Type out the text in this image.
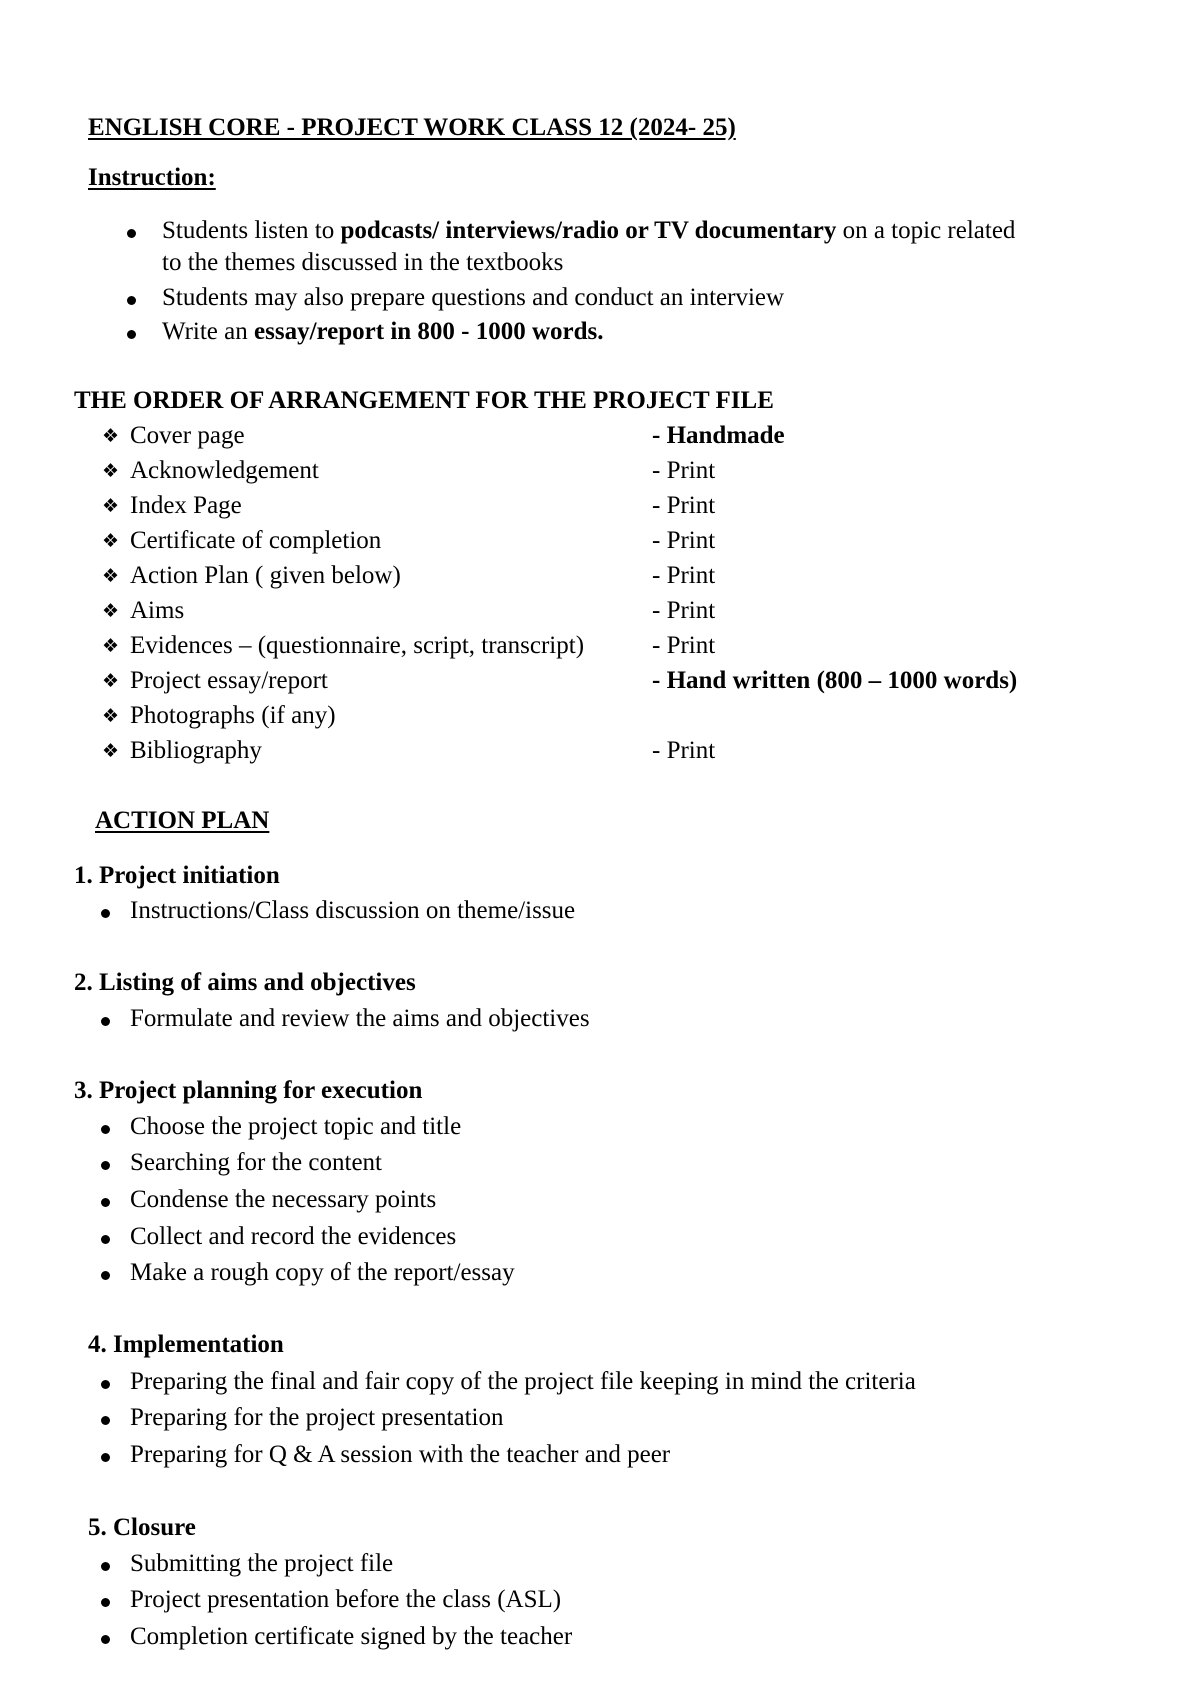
ENGLISH CORE - PROJECT WORK CLASS 12 (2024- 25)
Instruction:
Students listen to podcasts/ interviews/radio or TV documentary on a topic related
to the themes discussed in the textbooks
Students may also prepare questions and conduct an interview
Write an essay/report in 800 - 1000 words.
THE ORDER OF ARRANGEMENT FOR THE PROJECT FILE
❖ Cover page	- Handmade
❖ Acknowledgement	- Print
❖ Index Page	- Print
❖ Certificate of completion	- Print
❖ Action Plan ( given below)	- Print
❖ Aims	- Print
❖ Evidences – (questionnaire, script, transcript)	- Print
❖ Project essay/report	- Hand written (800 – 1000 words)
❖ Photographs (if any)
❖ Bibliography	- Print
ACTION PLAN
1. Project initiation
Instructions/Class discussion on theme/issue
2. Listing of aims and objectives
Formulate and review the aims and objectives
3. Project planning for execution
Choose the project topic and title
Searching for the content
Condense the necessary points
Collect and record the evidences
Make a rough copy of the report/essay
4. Implementation
Preparing the final and fair copy of the project file keeping in mind the criteria
Preparing for the project presentation
Preparing for Q & A session with the teacher and peer
5. Closure
Submitting the project file
Project presentation before the class (ASL)
Completion certificate signed by the teacher
